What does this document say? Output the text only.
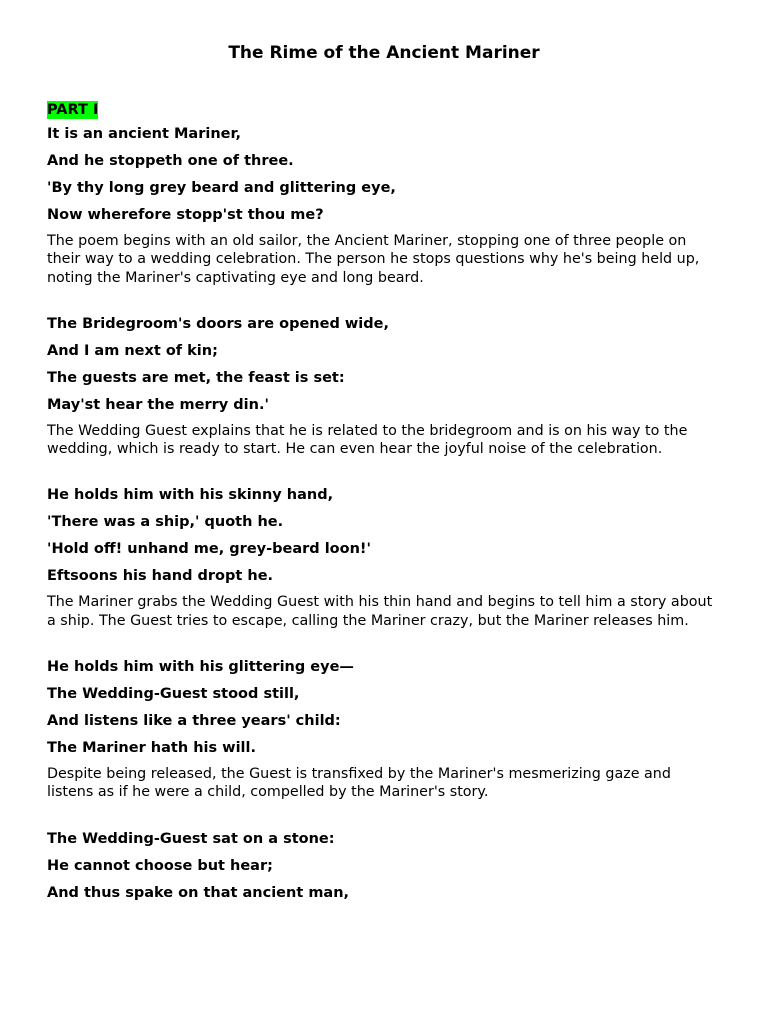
The Rime of the Ancient Mariner
PART I
It is an ancient Mariner,
And he stoppeth one of three.
'By thy long grey beard and glittering eye,
Now wherefore stopp'st thou me?
The poem begins with an old sailor, the Ancient Mariner, stopping one of three people on their way to a wedding celebration. The person he stops questions why he's being held up, noting the Mariner's captivating eye and long beard.
The Bridegroom's doors are opened wide,
And I am next of kin;
The guests are met, the feast is set:
May'st hear the merry din.'
The Wedding Guest explains that he is related to the bridegroom and is on his way to the wedding, which is ready to start. He can even hear the joyful noise of the celebration.
He holds him with his skinny hand,
'There was a ship,' quoth he.
'Hold off! unhand me, grey-beard loon!'
Eftsoons his hand dropt he.
The Mariner grabs the Wedding Guest with his thin hand and begins to tell him a story about a ship. The Guest tries to escape, calling the Mariner crazy, but the Mariner releases him.
He holds him with his glittering eye—
The Wedding-Guest stood still,
And listens like a three years' child:
The Mariner hath his will.
Despite being released, the Guest is transfixed by the Mariner's mesmerizing gaze and listens as if he were a child, compelled by the Mariner's story.
The Wedding-Guest sat on a stone:
He cannot choose but hear;
And thus spake on that ancient man,
